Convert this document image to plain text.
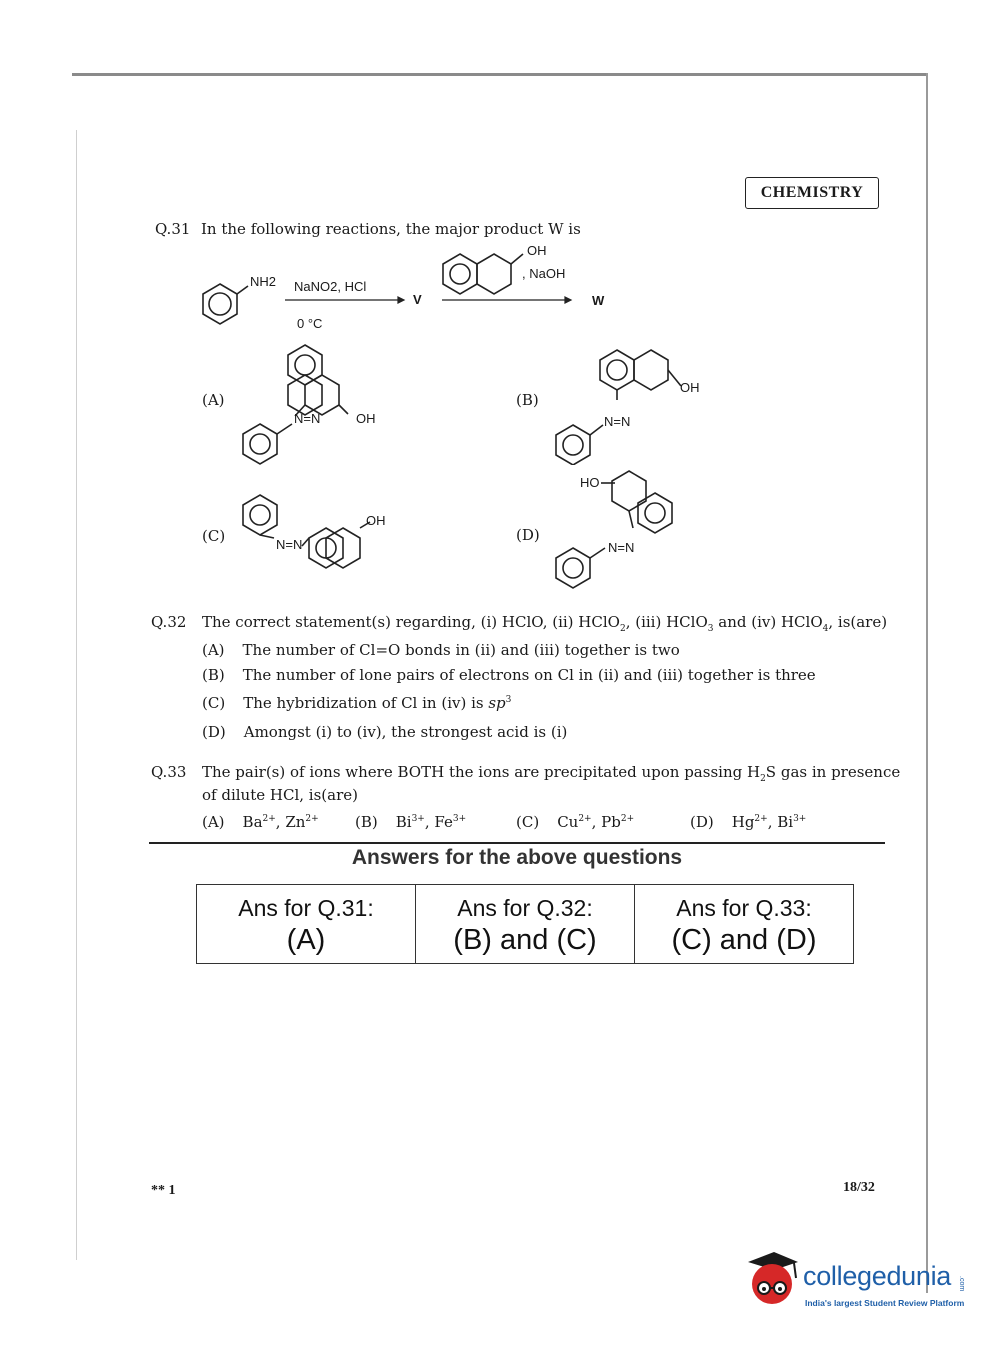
CHEMISTRY
Q.31 In the following reactions, the major product W is
NH2 NaNO2, HCl
0 °C
V
OH
, NaOH
W
(A)
N=N	OH
(B)
OH
N=N
(C)
OH
N=N
(D)
HO
N=N
Q.32 The correct statement(s) regarding, (i) HClO, (ii) HClO$_2$, (iii) HClO$_3$ and (iv) HClO$_4$, is(are)
(A) The number of Cl=O bonds in (ii) and (iii) together is two
(B) The number of lone pairs of electrons on Cl in (ii) and (iii) together is three
(C) The hybridization of Cl in (iv) is $sp^3$
(D) Amongst (i) to (iv), the strongest acid is (i)
Q.33 The pair(s) of ions where BOTH the ions are precipitated upon passing $H_2S$ gas in presence
of dilute HCl, is(are)
(A) $Ba^{2+}$, $Zn^{2+}$ (B) $Bi^{3+}$, $Fe^{3+}$	(C) $Cu^{2+}$, $Pb^{2+}$	(D) $Hg^{2+}$, $Bi^{3+}$
Answers for the above questions
Ans for Q.31:
(A)
Ans for Q.32:
(B) and (C)
Ans for Q.33:
(C) and (D)
** 1	18/32
collegedunia .com
India's largest Student Review Platform
